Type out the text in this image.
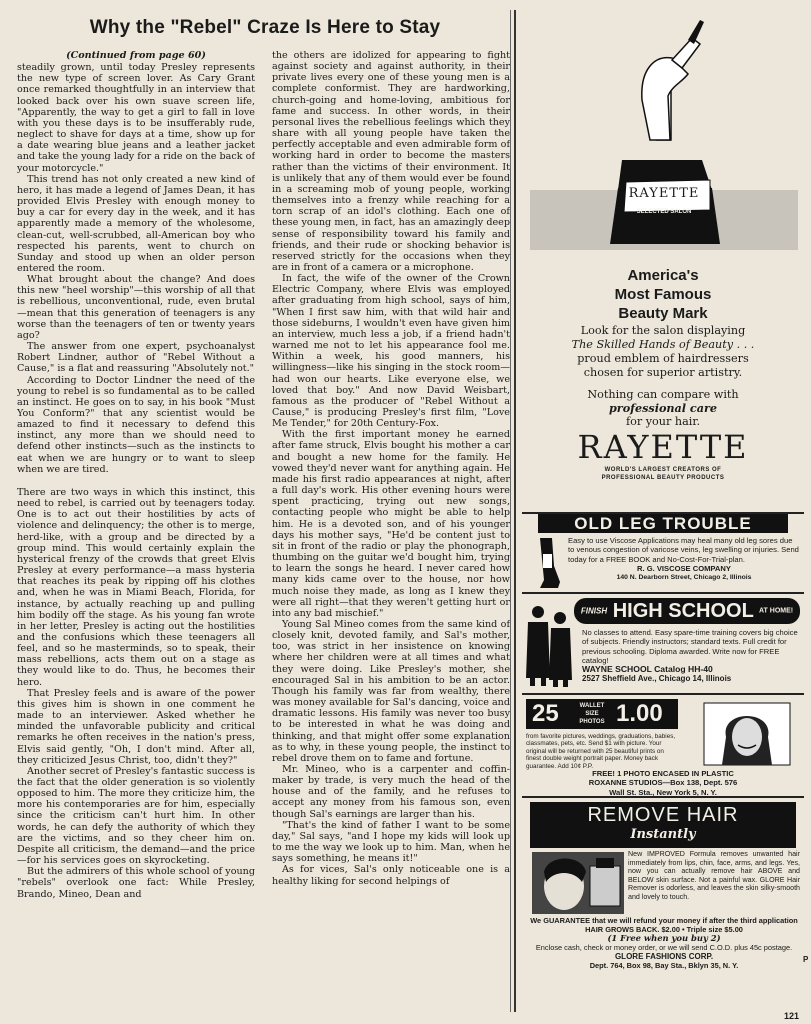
Why the "Rebel" Craze Is Here to Stay

(Continued from page 60)

steadily grown, until today Presley represents the new type of screen lover. As Cary Grant once remarked thoughtfully in an interview that looked back over his own suave screen life, "Apparently, the way to get a girl to fall in love with you these days is to be insufferably rude, neglect to shave for days at a time, show up for a date wearing blue jeans and a leather jacket and take the young lady for a ride on the back of your motorcycle."

This trend has not only created a new kind of hero, it has made a legend of James Dean, it has provided Elvis Presley with enough money to buy a car for every day in the week, and it has apparently made a memory of the wholesome, clean-cut, well-scrubbed, all-American boy who respected his parents, went to church on Sunday and stood up when an older person entered the room.

What brought about the change? And does this new "heel worship"—this worship of all that is rebellious, unconventional, rude, even brutal—mean that this generation of teenagers is any worse than the teenagers of ten or twenty years ago?

The answer from one expert, psychoanalyst Robert Lindner, author of "Rebel Without a Cause," is a flat and reassuring "Absolutely not."

According to Doctor Lindner the need of the young to rebel is so fundamental as to be called an instinct. He goes on to say, in his book "Must You Conform?" that any scientist would be amazed to find it necessary to defend this instinct, any more than we should need to defend other instincts—such as the instincts to eat when we are hungry or to want to sleep when we are tired.

There are two ways in which this instinct, this need to rebel, is carried out by teenagers today. One is to act out their hostilities by acts of violence and delinquency; the other is to merge, herd-like, with a group and be directed by a group mind. This would certainly explain the hysterical frenzy of the crowds that greet Elvis Presley at every performance—a mass hysteria that reaches its peak by ripping off his clothes and, when he was in Miami Beach, Florida, for instance, by actually reaching up and pulling him bodily off the stage. As his young fan wrote in her letter, Presley is acting out the hostilities and the confusions which these teenagers all feel, and so he masterminds, so to speak, their mass rebellions, acts them out on a stage as they would like to do. Thus, he becomes their hero.

That Presley feels and is aware of the power this gives him is shown in one comment he made to an interviewer. Asked whether he minded the unfavorable publicity and critical remarks he often receives in the nation's press, Elvis said gently, "Oh, I don't mind. After all, they criticized Jesus Christ, too, didn't they?"

Another secret of Presley's fantastic success is the fact that the older generation is so violently opposed to him. The more they criticize him, the more his contemporaries are for him, especially since the criticism can't hurt him. In other words, he can defy the authority of which they are the victims, and so they cheer him on. Despite all criticism, the demand—and the price—for his services goes on skyrocketing.

But the admirers of this whole school of young "rebels" overlook one fact: While Presley, Brando, Mineo, Dean and

the others are idolized for appearing to fight against society and against authority, in their private lives every one of these young men is a complete conformist. They are hardworking, church-going and home-loving, ambitious for fame and success. In other words, in their personal lives the rebellious feelings which they share with all young people have taken the perfectly acceptable and even admirable form of working hard in order to become the masters rather than the victims of their environment. It is unlikely that any of them would ever be found in a screaming mob of young people, working themselves into a frenzy while reaching for a torn scrap of an idol's clothing. Each one of these young men, in fact, has an amazingly deep sense of responsibility toward his family and friends, and their rude or shocking behavior is reserved strictly for the occasions when they are in front of a camera or a microphone.

In fact, the wife of the owner of the Crown Electric Company, where Elvis was employed after graduating from high school, says of him, "When I first saw him, with that wild hair and those sideburns, I wouldn't even have given him an interview, much less a job, if a friend hadn't warned me not to let his appearance fool me. Within a week, his good manners, his willingness—like his singing in the stock room—had won our hearts. Like everyone else, we loved that boy." And now David Weisbart, famous as the producer of "Rebel Without a Cause," is producing Presley's first film, "Love Me Tender," for 20th Century-Fox.

With the first important money he earned after fame struck, Elvis bought his mother a car and bought a new home for the family. He vowed they'd never want for anything again. He made his first radio appearances at night, after a full day's work. His other evening hours were spent practicing, trying out new songs, contacting people who might be able to help him. He is a devoted son, and of his younger days his mother says, "He'd be content just to sit in front of the radio or play the phonograph, thumbing on the guitar we'd bought him, trying to learn the songs he heard. I never cared how many kids came over to the house, nor how much noise they made, as long as I knew they were all right—that they weren't getting hurt or into any bad mischief."

Young Sal Mineo comes from the same kind of closely knit, devoted family, and Sal's mother, too, was strict in her insistence on knowing where her children were at all times and what they were doing. Like Presley's mother, she encouraged Sal in his ambition to be an actor. Though his family was far from wealthy, there was money available for Sal's dancing, voice and dramatic lessons. His family was never too busy to be interested in what he was doing and thinking, and that might offer some explanation as to why, in these young people, the instinct to rebel drove them on to fame and fortune.

Mr. Mineo, who is a carpenter and coffin-maker by trade, is very much the head of the house and of the family, and he refuses to accept any money from his famous son, even though Sal's earnings are larger than his.

"That's the kind of father I want to be some day," Sal says, "and I hope my kids will look up to me the way we look up to him. Man, when he says something, he means it!"

As for vices, Sal's only noticeable one is a healthy liking for second helpings of

RAYETTE
SELECTED SALON
America's
Most Famous
Beauty Mark
Look for the salon displaying
The Skilled Hands of Beauty . . .
proud emblem of hairdressers
chosen for superior artistry.
Nothing can compare with
professional care
for your hair.
RAYETTE
WORLD'S LARGEST CREATORS OF
PROFESSIONAL BEAUTY PRODUCTS
OLD LEG TROUBLE
Easy to use Viscose Applications may heal many old leg sores due to venous congestion of varicose veins, leg swelling or injuries. Send today for a FREE BOOK and No-Cost-For-Trial-plan.
R. G. VISCOSE COMPANY
140 N. Dearborn Street, Chicago 2, Illinois
FINISH HIGH SCHOOL AT HOME!
No classes to attend. Easy spare-time training covers big choice of subjects. Friendly instructors; standard texts. Full credit for previous schooling. Diploma awarded. Write now for FREE catalog!
WAYNE SCHOOL Catalog HH-40
2527 Sheffield Ave., Chicago 14, Illinois
25	WALLET
SIZE
PHOTOS 1.00
from favorite pictures, weddings, graduations, babies, classmates, pets, etc. Send $1 with picture. Your original will be returned with 25 beautiful prints on finest double weight portrait paper. Money back guarantee. Add 10¢ P.P.
FREE! 1 PHOTO ENCASED IN PLASTIC
ROXANNE STUDIOS—Box 138, Dept. 576
Wall St. Sta., New York 5, N. Y.
REMOVE HAIR
Instantly
New IMPROVED Formula removes unwanted hair immediately from lips, chin, face, arms, and legs. Yes, now you can actually remove hair ABOVE and BELOW skin surface. Not a painful wax. GLORE Hair Remover is odorless, and leaves the skin silky-smooth and lovely to touch.
We GUARANTEE that we will refund your money if after the third application HAIR GROWS BACK. $2.00 • Triple size $5.00
(1 Free when you buy 2)
Enclose cash, check or money order, or we will send C.O.D. plus 45c postage.
GLORE FASHIONS CORP.
Dept. 764, Box 98, Bay Sta., Bklyn 35, N. Y.
P
121
